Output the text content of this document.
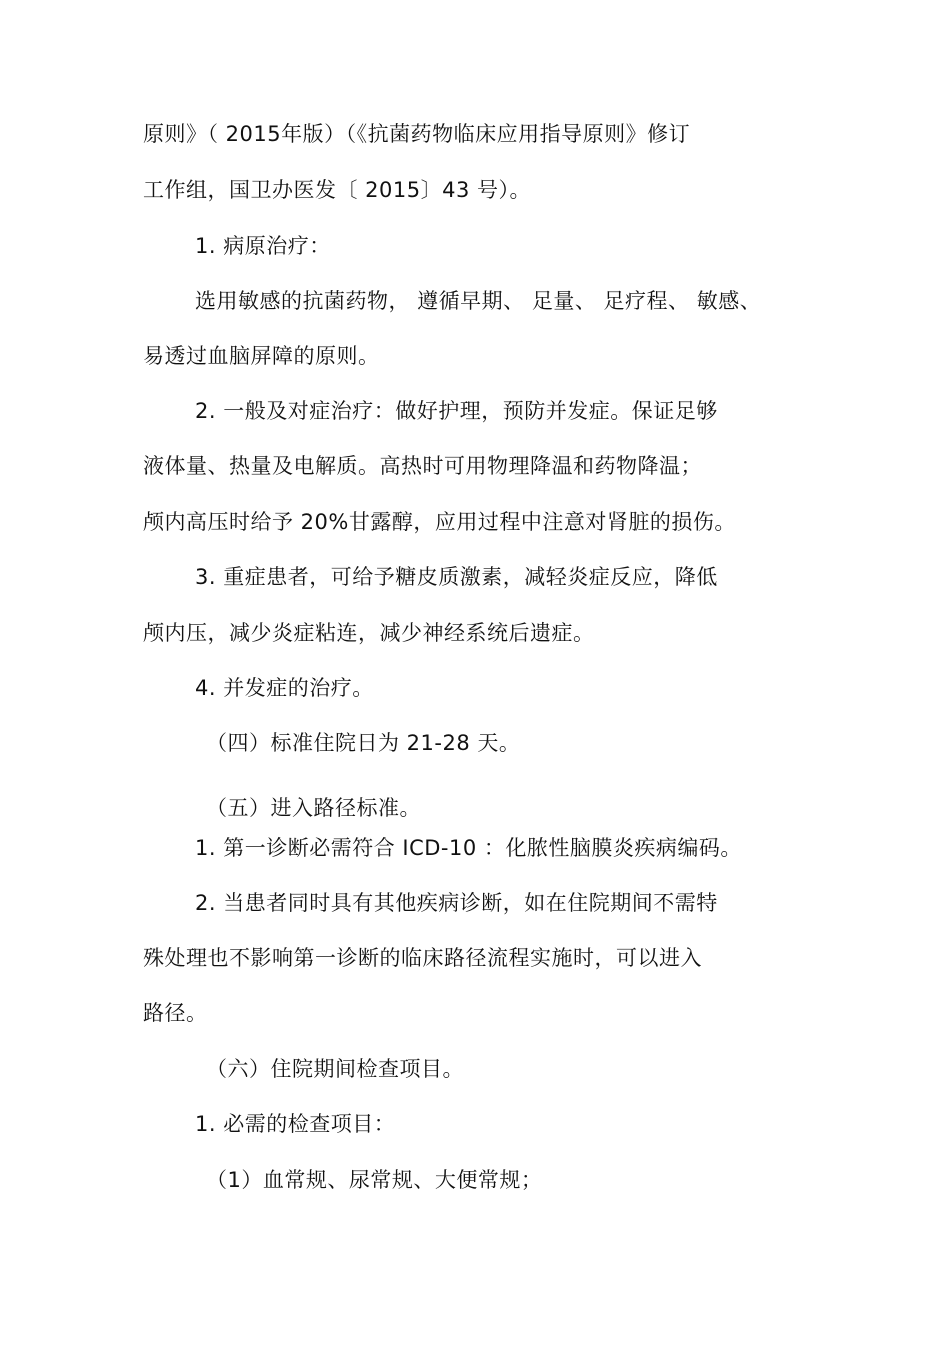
原则》（ 2015年版）（《抗菌药物临床应用指导原则》修订
工作组，国卫办医发〔 2015〕43 号）。
1. 病原治疗：
选用敏感的抗菌药物， 遵循早期、 足量、 足疗程、 敏感、
易透过血脑屏障的原则。
2. 一般及对症治疗：做好护理，预防并发症。保证足够
液体量、热量及电解质。高热时可用物理降温和药物降温；
颅内高压时给予 20%甘露醇，应用过程中注意对肾脏的损伤。
3. 重症患者，可给予糖皮质激素，减轻炎症反应，降低
颅内压，减少炎症粘连，减少神经系统后遗症。
4. 并发症的治疗。
（四）标准住院日为 21-28 天。
（五）进入路径标准。
1. 第一诊断必需符合 ICD-10 ：化脓性脑膜炎疾病编码。
2. 当患者同时具有其他疾病诊断，如在住院期间不需特
殊处理也不影响第一诊断的临床路径流程实施时，可以进入
路径。
（六）住院期间检查项目。
1. 必需的检查项目：
（1）血常规、尿常规、大便常规；
